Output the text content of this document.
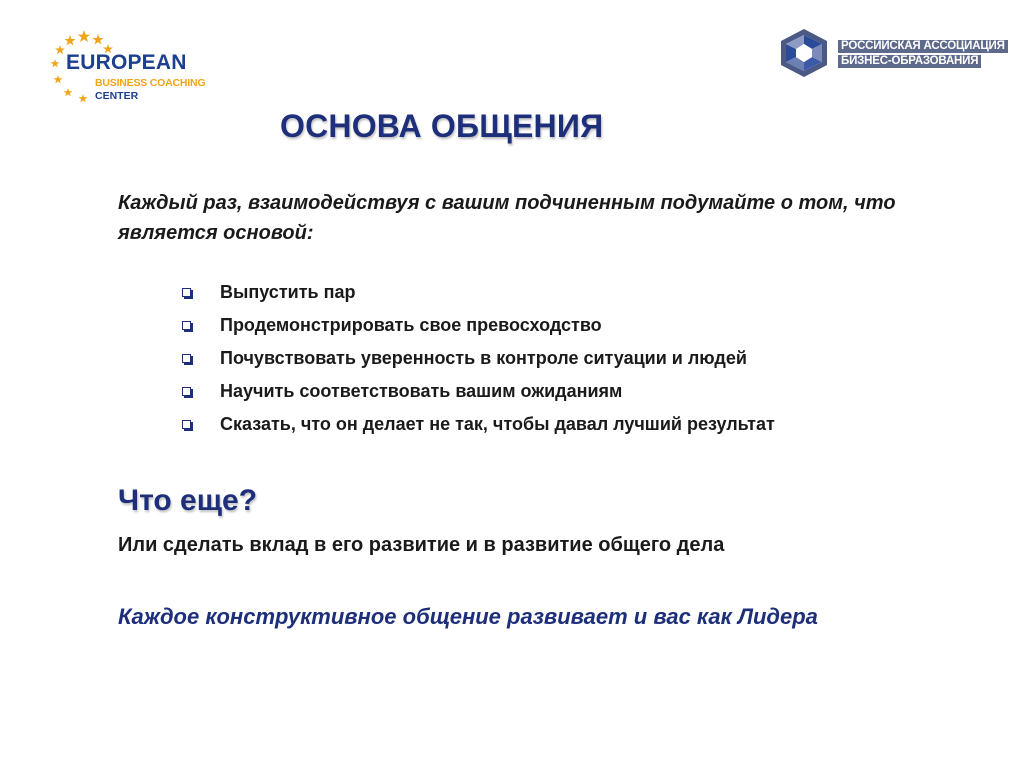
EUROPEAN
BUSINESS COACHING
CENTER
РОССИЙСКАЯ АССОЦИАЦИЯ
БИЗНЕС-ОБРАЗОВАНИЯ
ОСНОВА ОБЩЕНИЯ
Каждый раз, взаимодействуя с вашим подчиненным подумайте о том, что является основой:
Выпустить пар
Продемонстрировать свое превосходство
Почувствовать уверенность в контроле ситуации и людей
Научить соответствовать вашим ожиданиям
Сказать, что он делает не так, чтобы давал лучший результат
Что еще?
Или сделать вклад в его развитие и в развитие общего дела
Каждое конструктивное общение развивает и вас как Лидера
